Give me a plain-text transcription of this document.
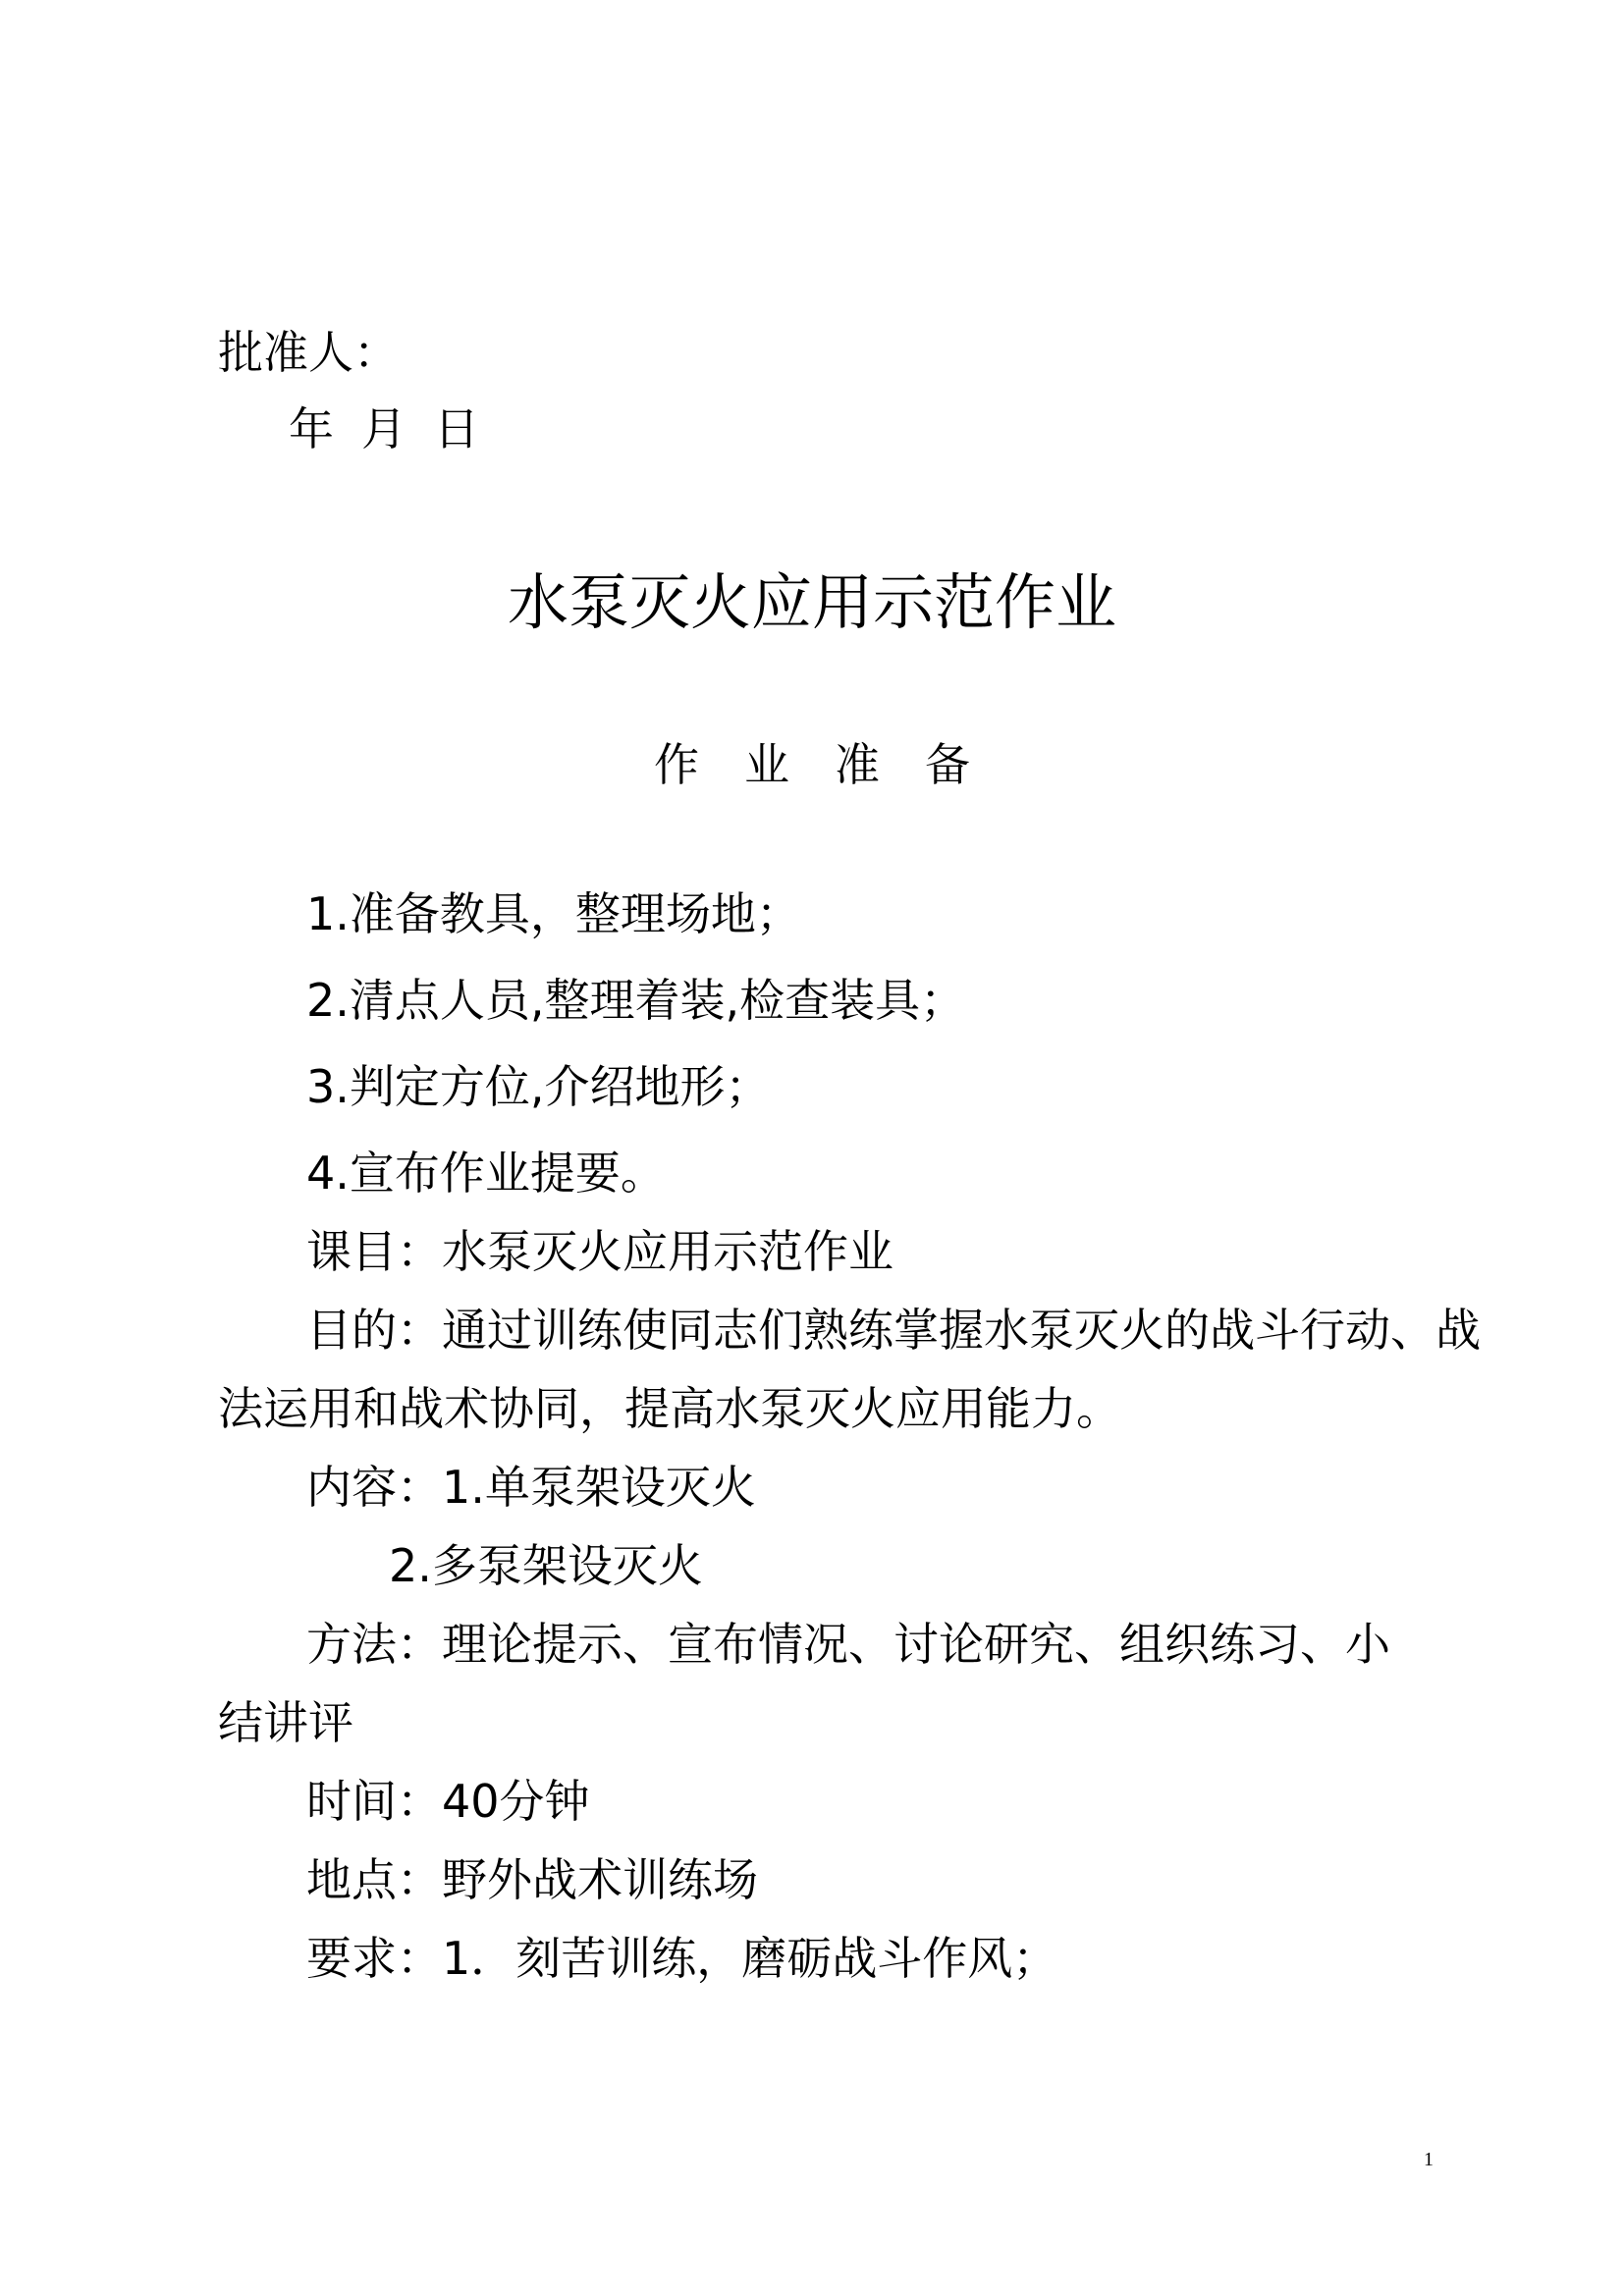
批准人：
年 月 日
水泵灭火应用示范作业
作业准备
1.准备教具，整理场地；
2.清点人员,整理着装,检查装具；
3.判定方位,介绍地形；
4.宣布作业提要。
课目：水泵灭火应用示范作业
目的：通过训练使同志们熟练掌握水泵灭火的战斗行动、战
法运用和战术协同，提高水泵灭火应用能力。
内容：1.单泵架设灭火
2.多泵架设灭火
方法：理论提示、宣布情况、讨论研究、组织练习、小
结讲评
时间：40分钟
地点：野外战术训练场
要求：1．刻苦训练，磨砺战斗作风；
1
